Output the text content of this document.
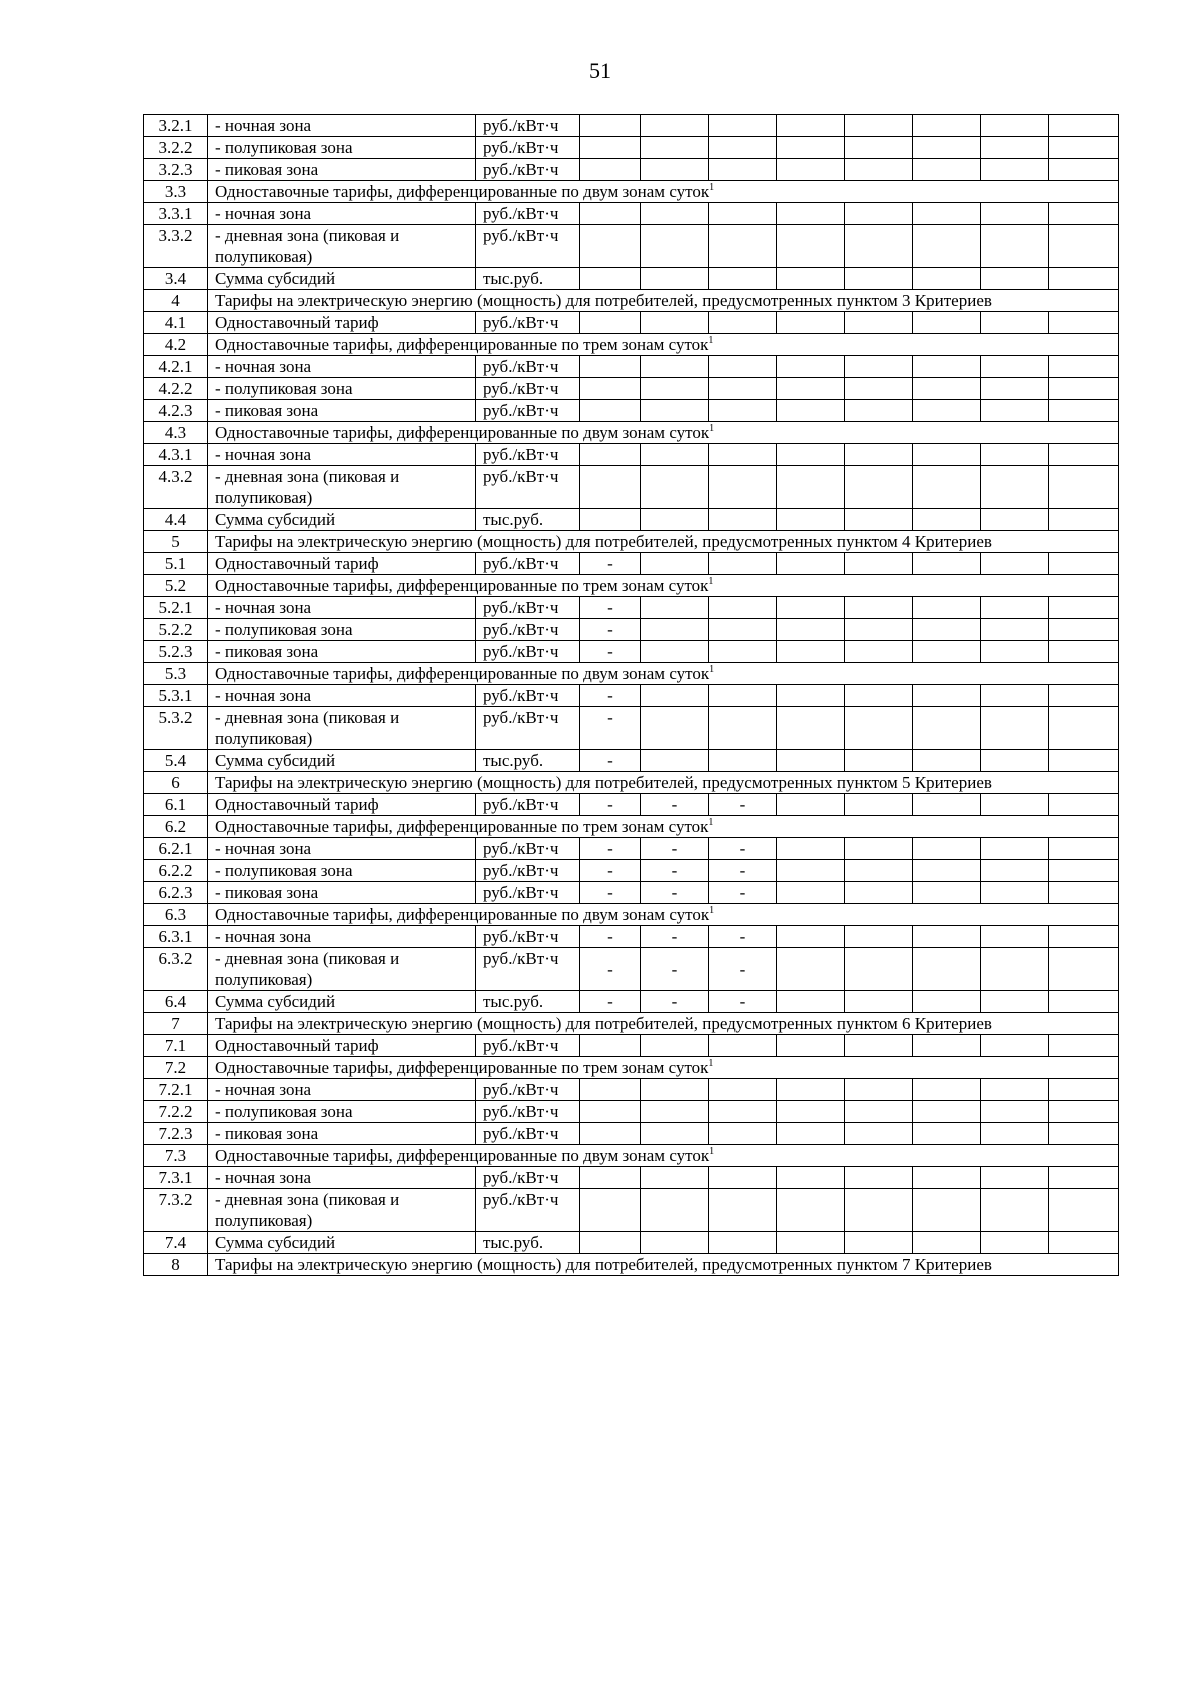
51
3.2.1	- ночная зона	руб./кВт·ч								
3.2.2	- полупиковая зона	руб./кВт·ч								
3.2.3	- пиковая зона	руб./кВт·ч								
3.3	Одноставочные тарифы, дифференцированные по двум зонам суток$^1$
3.3.1	- ночная зона	руб./кВт·ч								
3.3.2	- дневная зона (пиковая и полупиковая)	руб./кВт·ч								
3.4	Сумма субсидий	тыс.руб.								
4	Тарифы на электрическую энергию (мощность) для потребителей, предусмотренных пунктом 3 Критериев									
4.1	Одноставочный тариф	руб./кВт·ч								
4.2	Одноставочные тарифы, дифференцированные по трем зонам суток$^1$
4.2.1	- ночная зона	руб./кВт·ч								
4.2.2	- полупиковая зона	руб./кВт·ч								
4.2.3	- пиковая зона	руб./кВт·ч								
4.3	Одноставочные тарифы, дифференцированные по двум зонам суток$^1$
4.3.1	- ночная зона	руб./кВт·ч								
4.3.2	- дневная зона (пиковая и полупиковая)	руб./кВт·ч								
4.4	Сумма субсидий	тыс.руб.								
5	Тарифы на электрическую энергию (мощность) для потребителей, предусмотренных пунктом 4 Критериев									
5.1	Одноставочный тариф	руб./кВт·ч	-							
5.2	Одноставочные тарифы, дифференцированные по трем зонам суток$^1$
5.2.1	- ночная зона	руб./кВт·ч	-							
5.2.2	- полупиковая зона	руб./кВт·ч	-							
5.2.3	- пиковая зона	руб./кВт·ч	-							
5.3	Одноставочные тарифы, дифференцированные по двум зонам суток$^1$
5.3.1	- ночная зона	руб./кВт·ч	-							
5.3.2	- дневная зона (пиковая и полупиковая)	руб./кВт·ч	-							
5.4	Сумма субсидий	тыс.руб.	-							
6	Тарифы на электрическую энергию (мощность) для потребителей, предусмотренных пунктом 5 Критериев									
6.1	Одноставочный тариф	руб./кВт·ч	-	-	-					
6.2	Одноставочные тарифы, дифференцированные по трем зонам суток$^1$
6.2.1	- ночная зона	руб./кВт·ч	-	-	-					
6.2.2	- полупиковая зона	руб./кВт·ч	-	-	-					
6.2.3	- пиковая зона	руб./кВт·ч	-	-	-					
6.3	Одноставочные тарифы, дифференцированные по двум зонам суток$^1$
6.3.1	- ночная зона	руб./кВт·ч	-	-	-					
6.3.2	- дневная зона (пиковая и полупиковая)	руб./кВт·ч	-	-	-					
6.4	Сумма субсидий	тыс.руб.	-	-	-					
7	Тарифы на электрическую энергию (мощность) для потребителей, предусмотренных пунктом 6 Критериев									
7.1	Одноставочный тариф	руб./кВт·ч								
7.2	Одноставочные тарифы, дифференцированные по трем зонам суток$^1$
7.2.1	- ночная зона	руб./кВт·ч								
7.2.2	- полупиковая зона	руб./кВт·ч								
7.2.3	- пиковая зона	руб./кВт·ч								
7.3	Одноставочные тарифы, дифференцированные по двум зонам суток$^1$
7.3.1	- ночная зона	руб./кВт·ч								
7.3.2	- дневная зона (пиковая и полупиковая)	руб./кВт·ч								
7.4	Сумма субсидий	тыс.руб.								
8	Тарифы на электрическую энергию (мощность) для потребителей, предусмотренных пунктом 7 Критериев									
